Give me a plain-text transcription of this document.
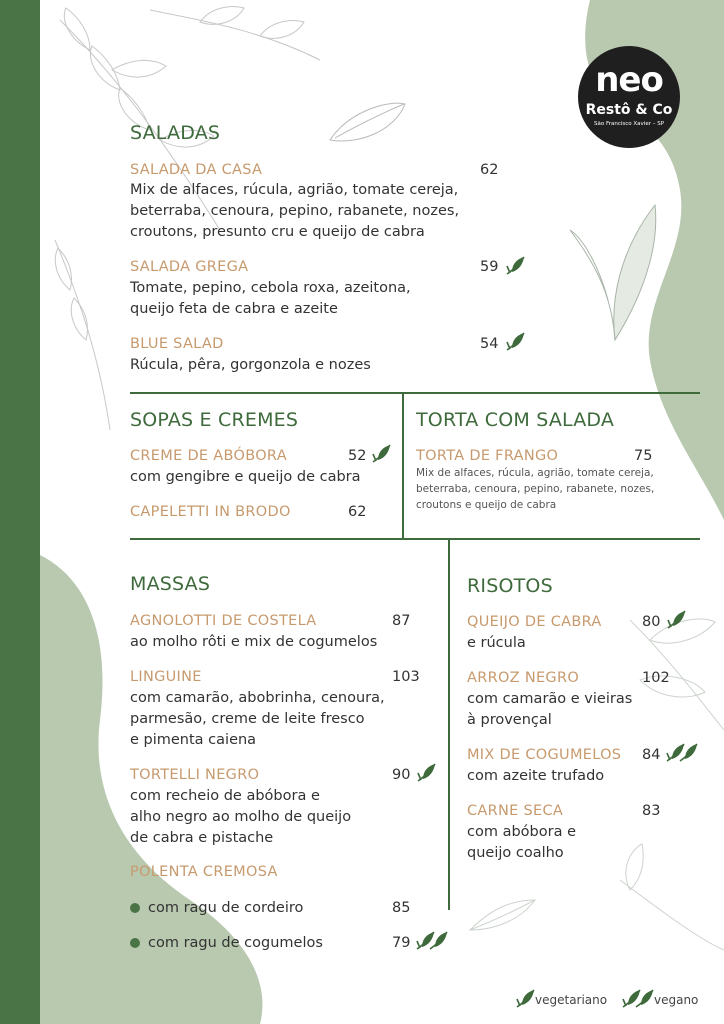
neo
Restô & Co
São Francisco Xavier – SP
SALADAS
SALADA DA CASA	62
Mix de alfaces, rúcula, agrião, tomate cereja,
beterraba, cenoura, pepino, rabanete, nozes,
croutons, presunto cru e queijo de cabra
SALADA GREGA	59
Tomate, pepino, cebola roxa, azeitona,
queijo feta de cabra e azeite
BLUE SALAD	54
Rúcula, pêra, gorgonzola e nozes
SOPAS E CREMES
CREME DE ABÓBORA	52
com gengibre e queijo de cabra
CAPELETTI IN BRODO	62
TORTA COM SALADA
TORTA DE FRANGO	75
Mix de alfaces, rúcula, agrião, tomate cereja,
beterraba, cenoura, pepino, rabanete, nozes,
croutons e queijo de cabra
MASSAS
AGNOLOTTI DE COSTELA	87
ao molho rôti e mix de cogumelos
LINGUINE	103
com camarão, abobrinha, cenoura,
parmesão, creme de leite fresco
e pimenta caiena
TORTELLI NEGRO	90
com recheio de abóbora e
alho negro ao molho de queijo
de cabra e pistache
POLENTA CREMOSA
com ragu de cordeiro	85
com ragu de cogumelos	79
RISOTOS
QUEIJO DE CABRA	80
e rúcula
ARROZ NEGRO	102
com camarão e vieiras
à provençal
MIX DE COGUMELOS 84
com azeite trufado
CARNE SECA	83
com abóbora e
queijo coalho
vegetariano	vegano
